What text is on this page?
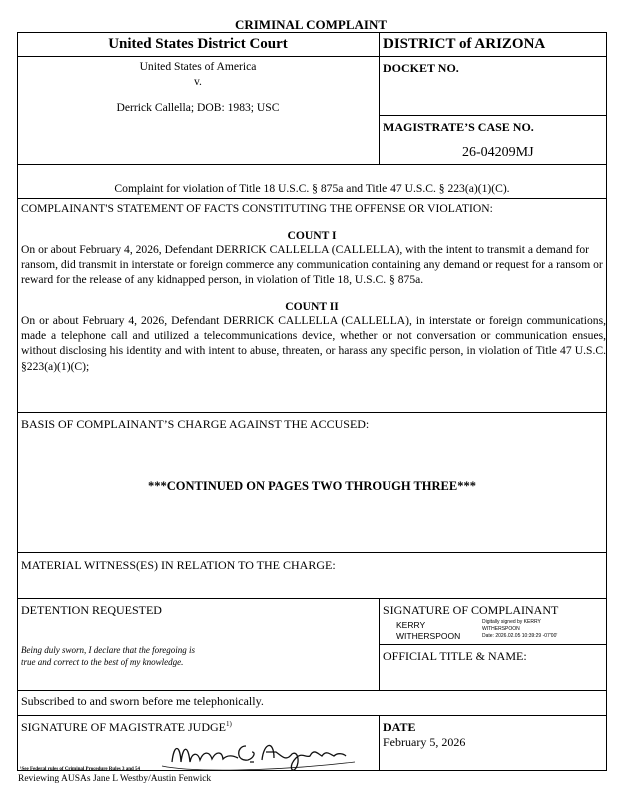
CRIMINAL COMPLAINT
United States District Court	DISTRICT of ARIZONA
United States of America
v.
Derrick Callella; DOB: 1983; USC
DOCKET NO.
MAGISTRATE’S CASE NO.
26-04209MJ
Complaint for violation of Title 18 U.S.C. § 875a and Title 47 U.S.C. § 223(a)(1)(C).
COMPLAINANT'S STATEMENT OF FACTS CONSTITUTING THE OFFENSE OR VIOLATION:
COUNT I
On or about February 4, 2026, Defendant DERRICK CALLELLA (CALLELLA), with the intent to transmit a demand for ransom, did transmit in interstate or foreign commerce any communication containing any demand or request for a ransom or reward for the release of any kidnapped person, in violation of Title 18, U.S.C. § 875a.
COUNT II
On or about February 4, 2026, Defendant DERRICK CALLELLA (CALLELLA), in interstate or foreign communications, made a telephone call and utilized a telecommunications device, whether or not conversation or communication ensues, without disclosing his identity and with intent to abuse, threaten, or harass any specific person, in violation of Title 47 U.S.C. §223(a)(1)(C);
BASIS OF COMPLAINANT’S CHARGE AGAINST THE ACCUSED:
***CONTINUED ON PAGES TWO THROUGH THREE***
MATERIAL WITNESS(ES) IN RELATION TO THE CHARGE:
DETENTION REQUESTED
Being duly sworn, I declare that the foregoing is
true and correct to the best of my knowledge.
SIGNATURE OF COMPLAINANT
KERRY
WITHERSPOON
Digitally signed by KERRY
WITHERSPOON
Date: 2026.02.05 10:39:29 -07'00'
OFFICIAL TITLE & NAME:
Subscribed to and sworn before me telephonically.
SIGNATURE OF MAGISTRATE JUDGE$^{1)}$	DATE
February 5, 2026
¹See Federal rules of Criminal Procedure Rules 3 and 54
Reviewing AUSAs Jane L Westby/Austin Fenwick
